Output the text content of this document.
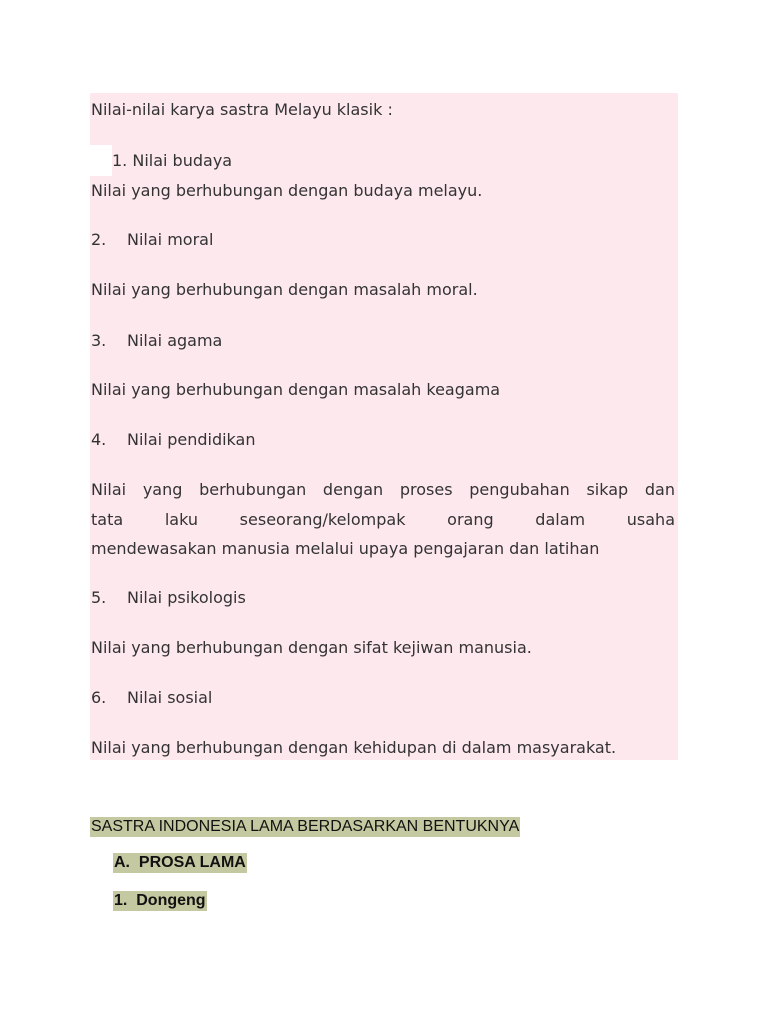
Nilai-nilai karya sastra Melayu klasik :
1. Nilai budaya
Nilai yang berhubungan dengan budaya melayu.
2. Nilai moral
Nilai yang berhubungan dengan masalah moral.
3. Nilai agama
Nilai yang berhubungan dengan masalah keagama
4. Nilai pendidikan
Nilai yang berhubungan dengan proses pengubahan sikap dan
tata laku seseorang/kelompak orang dalam usaha
mendewasakan manusia melalui upaya pengajaran dan latihan
5. Nilai psikologis
Nilai yang berhubungan dengan sifat kejiwan manusia.
6. Nilai sosial
Nilai yang berhubungan dengan kehidupan di dalam masyarakat.
SASTRA INDONESIA LAMA BERDASARKAN BENTUKNYA
A.  PROSA LAMA
1.  Dongeng
